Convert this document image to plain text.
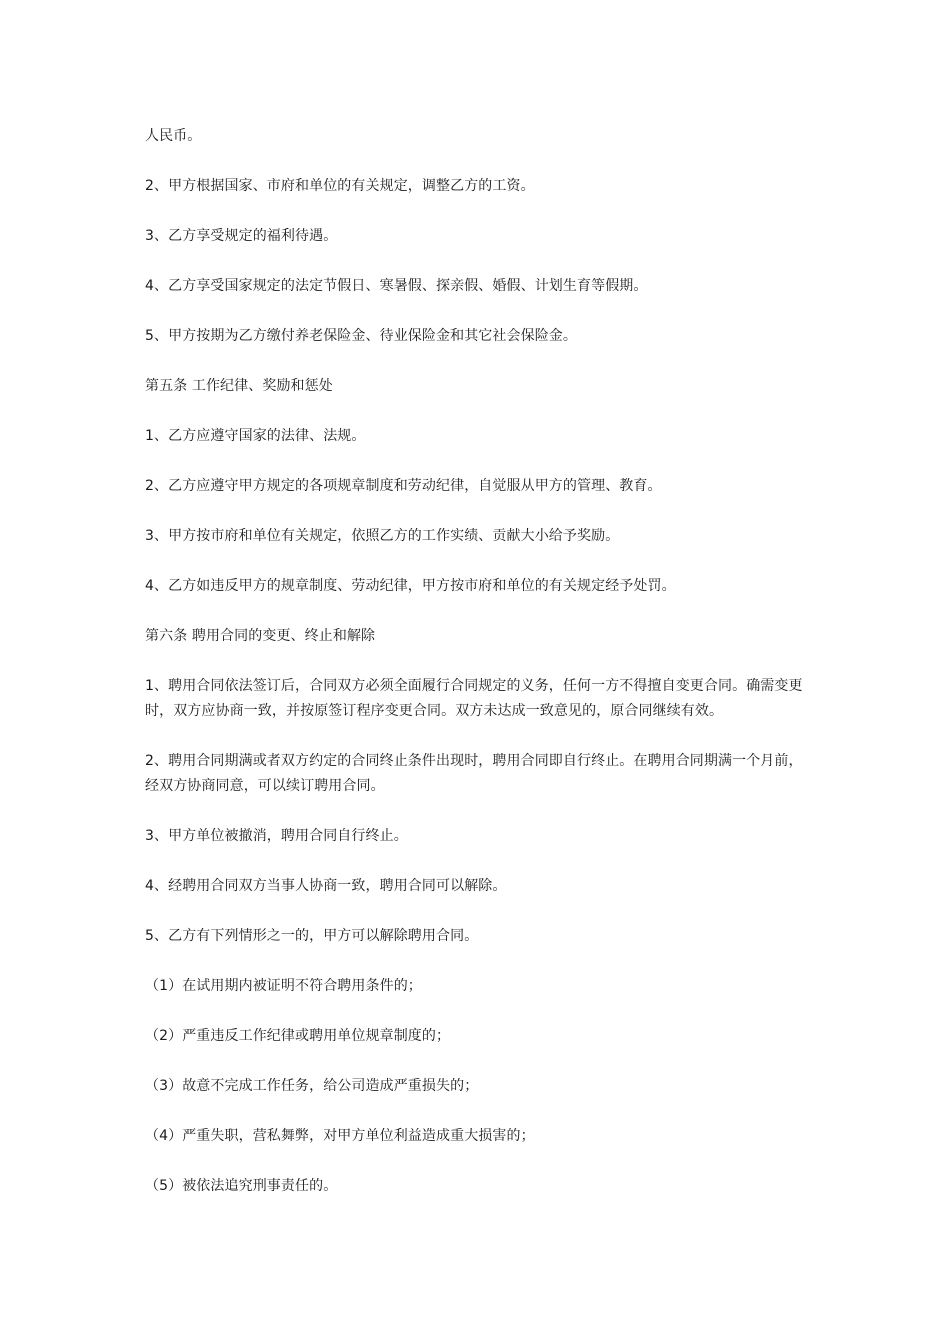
人民币。

2、甲方根据国家、市府和单位的有关规定，调整乙方的工资。

3、乙方享受规定的福利待遇。

4、乙方享受国家规定的法定节假日、寒暑假、探亲假、婚假、计划生育等假期。

5、甲方按期为乙方缴付养老保险金、待业保险金和其它社会保险金。

第五条 工作纪律、奖励和惩处

1、乙方应遵守国家的法律、法规。

2、乙方应遵守甲方规定的各项规章制度和劳动纪律，自觉服从甲方的管理、教育。

3、甲方按市府和单位有关规定，依照乙方的工作实绩、贡献大小给予奖励。

4、乙方如违反甲方的规章制度、劳动纪律，甲方按市府和单位的有关规定经予处罚。

第六条 聘用合同的变更、终止和解除

1、聘用合同依法签订后，合同双方必须全面履行合同规定的义务，任何一方不得擅自变更合同。确需变更时，双方应协商一致，并按原签订程序变更合同。双方未达成一致意见的，原合同继续有效。

2、聘用合同期满或者双方约定的合同终止条件出现时，聘用合同即自行终止。在聘用合同期满一个月前，经双方协商同意，可以续订聘用合同。

3、甲方单位被撤消，聘用合同自行终止。

4、经聘用合同双方当事人协商一致，聘用合同可以解除。

5、乙方有下列情形之一的，甲方可以解除聘用合同。

（1）在试用期内被证明不符合聘用条件的；

（2）严重违反工作纪律或聘用单位规章制度的；

（3）故意不完成工作任务，给公司造成严重损失的；

（4）严重失职，营私舞弊，对甲方单位利益造成重大损害的；

（5）被依法追究刑事责任的。
